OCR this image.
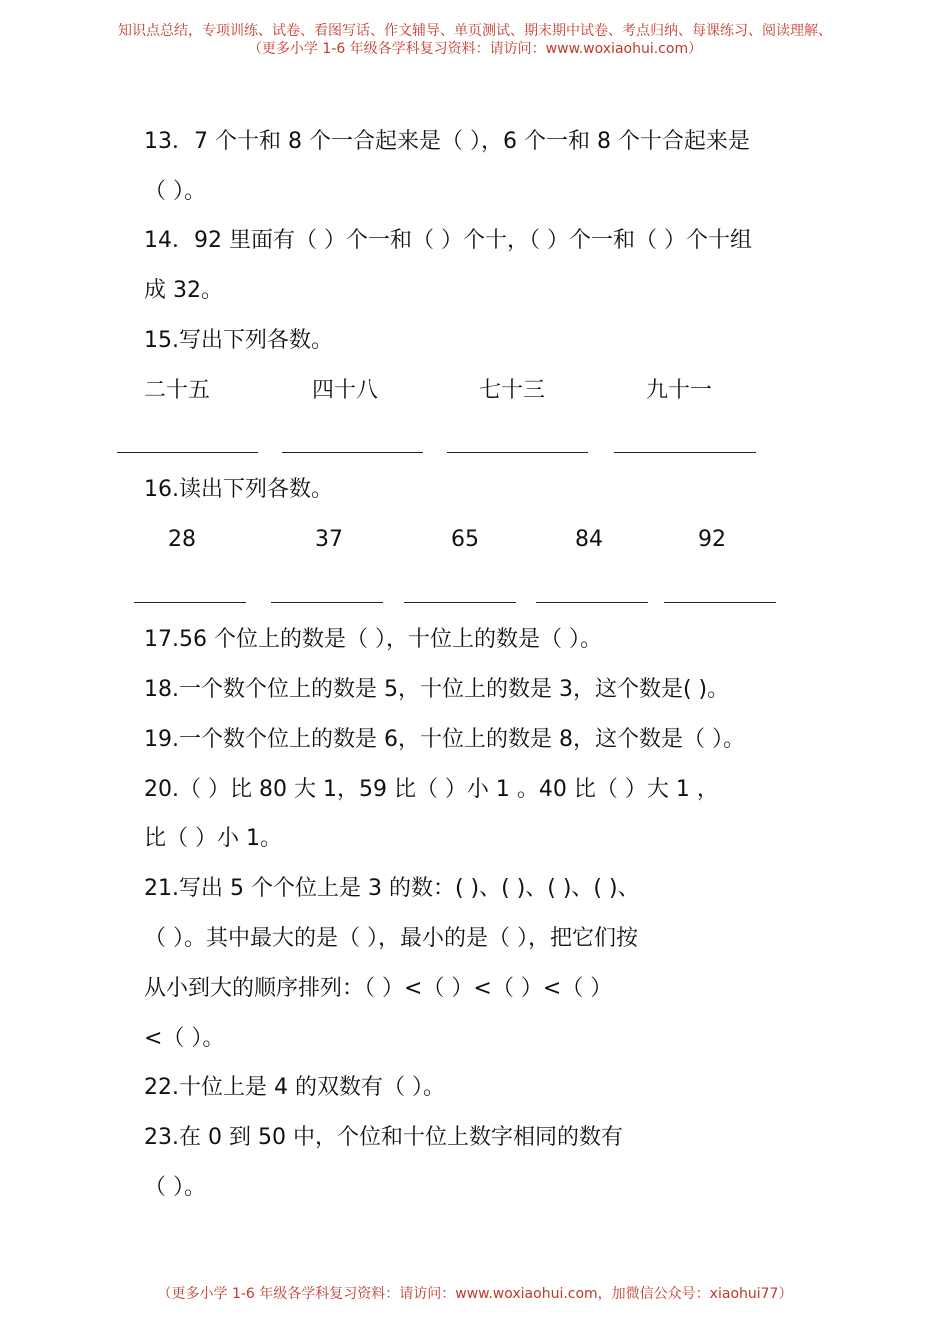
知识点总结，专项训练、试卷、看图写话、作文辅导、单页测试、期末期中试卷、考点归纳、每课练习、阅读理解、
（更多小学 1-6 年级各学科复习资料：请访问：www.woxiaohui.com）
13．7 个十和 8 个一合起来是（ ），6 个一和 8 个十合起来是
（ ）。
14．92 里面有（ ）个一和（ ）个十，（ ）个一和（ ）个十组
成 32。
15.写出下列各数。
二十五	四十八	七十三	九十一
16.读出下列各数。
28	37	65	84	92
17.56 个位上的数是（ ），十位上的数是（ ）。
18.一个数个位上的数是 5，十位上的数是 3，这个数是( )。
19.一个数个位上的数是 6，十位上的数是 8，这个数是（ ）。
20.（ ）比 80 大 1，59 比（ ）小 1 。40 比（ ）大 1 ，
比（ ）小 1。
21.写出 5 个个位上是 3 的数：( )、( )、( )、( )、
（ ）。其中最大的是（ ），最小的是（ ），把它们按
从小到大的顺序排列：（ ）<（ ）<（ ）<（ ）
<（ ）。
22.十位上是 4 的双数有（ ）。
23.在 0 到 50 中，个位和十位上数字相同的数有
（ ）。
（更多小学 1-6 年级各学科复习资料：请访问：www.woxiaohui.com，加微信公众号：xiaohui77）
